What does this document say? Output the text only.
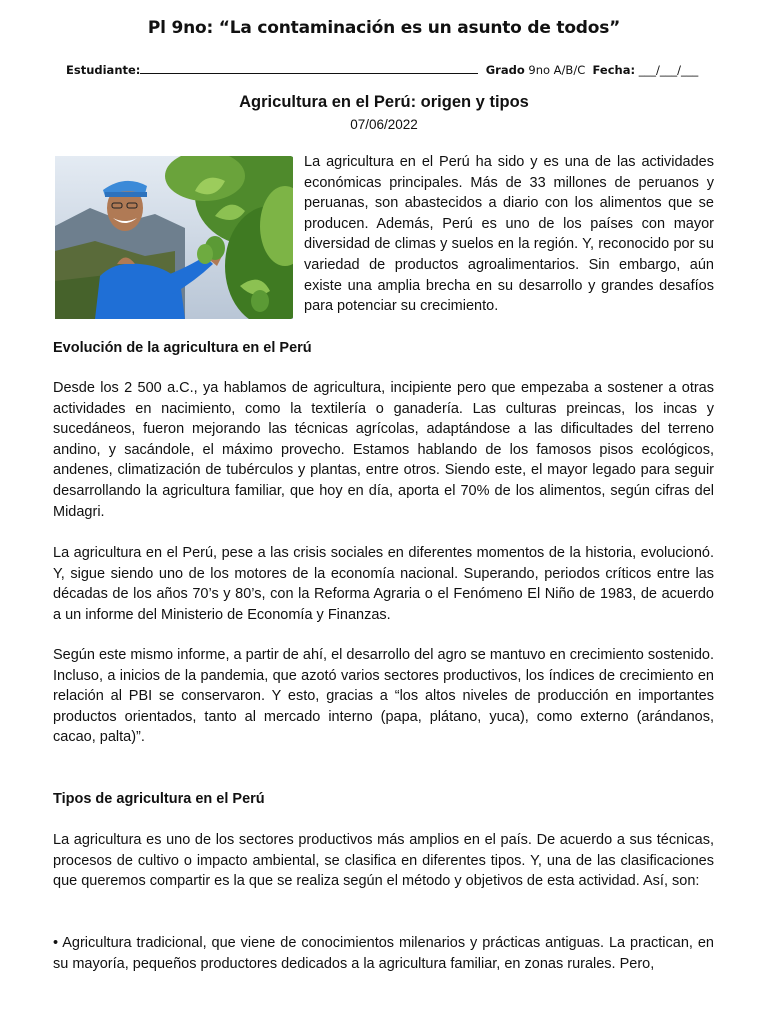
Pl 9no: “La contaminación es un asunto de todos”
Estudiante:	Grado 9no A/B/C Fecha: ___/___/___
Agricultura en el Perú: origen y tipos
07/06/2022
La agricultura en el Perú ha sido y es una de las actividades económicas principales. Más de 33 millones de peruanos y peruanas, son abastecidos a diario con los alimentos que se producen. Además, Perú es uno de los países con mayor diversidad de climas y suelos en la región. Y, reconocido por su variedad de productos agroalimentarios. Sin embargo, aún existe una amplia brecha en su desarrollo y grandes desafíos para potenciar su crecimiento.
Evolución de la agricultura en el Perú
Desde los 2 500 a.C., ya hablamos de agricultura, incipiente pero que empezaba a sostener a otras actividades en nacimiento, como la textilería o ganadería. Las culturas preincas, los incas y sucedáneos, fueron mejorando las técnicas agrícolas, adaptándose a las dificultades del terreno andino, y sacándole, el máximo provecho. Estamos hablando de los famosos pisos ecológicos, andenes, climatización de tubérculos y plantas, entre otros. Siendo este, el mayor legado para seguir desarrollando la agricultura familiar, que hoy en día, aporta el 70% de los alimentos, según cifras del Midagri.
La agricultura en el Perú, pese a las crisis sociales en diferentes momentos de la historia, evolucionó. Y, sigue siendo uno de los motores de la economía nacional. Superando, periodos críticos entre las décadas de los años 70’s y 80’s, con la Reforma Agraria o el Fenómeno El Niño de 1983, de acuerdo a un informe del Ministerio de Economía y Finanzas.
Según este mismo informe, a partir de ahí, el desarrollo del agro se mantuvo en crecimiento sostenido. Incluso, a inicios de la pandemia, que azotó varios sectores productivos, los índices de crecimiento en relación al PBI se conservaron. Y esto, gracias a “los altos niveles de producción en importantes productos orientados, tanto al mercado interno (papa, plátano, yuca), como externo (arándanos, cacao, palta)”.
Tipos de agricultura en el Perú
La agricultura es uno de los sectores productivos más amplios en el país. De acuerdo a sus técnicas, procesos de cultivo o impacto ambiental, se clasifica en diferentes tipos. Y, una de las clasificaciones que queremos compartir es la que se realiza según el método y objetivos de esta actividad. Así, son:
• Agricultura tradicional, que viene de conocimientos milenarios y prácticas antiguas. La practican, en su mayoría, pequeños productores dedicados a la agricultura familiar, en zonas rurales. Pero,
